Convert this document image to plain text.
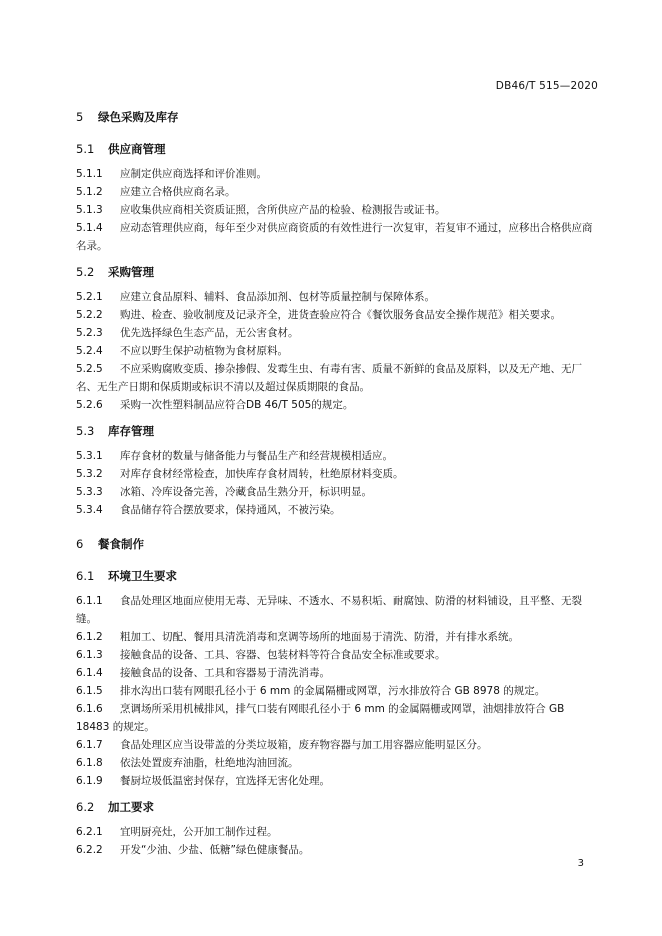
DB46/T 515—2020
5 绿色采购及库存
5.1 供应商管理
5.1.1 应制定供应商选择和评价准则。
5.1.2 应建立合格供应商名录。
5.1.3 应收集供应商相关资质证照，含所供应产品的检验、检测报告或证书。
5.1.4 应动态管理供应商，每年至少对供应商资质的有效性进行一次复审，若复审不通过，应移出合格供应商名录。
5.2 采购管理
5.2.1 应建立食品原料、辅料、食品添加剂、包材等质量控制与保障体系。
5.2.2 购进、检查、验收制度及记录齐全，进货查验应符合《餐饮服务食品安全操作规范》相关要求。
5.2.3 优先选择绿色生态产品，无公害食材。
5.2.4 不应以野生保护动植物为食材原料。
5.2.5 不应采购腐败变质、掺杂掺假、发霉生虫、有毒有害、质量不新鲜的食品及原料，以及无产地、无厂名、无生产日期和保质期或标识不清以及超过保质期限的食品。
5.2.6 采购一次性塑料制品应符合DB 46/T 505的规定。
5.3 库存管理
5.3.1 库存食材的数量与储备能力与餐品生产和经营规模相适应。
5.3.2 对库存食材经常检查，加快库存食材周转，杜绝原材料变质。
5.3.3 冰箱、冷库设备完善，冷藏食品生熟分开，标识明显。
5.3.4 食品储存符合摆放要求，保持通风，不被污染。
6 餐食制作
6.1 环境卫生要求
6.1.1 食品处理区地面应使用无毒、无异味、不透水、不易积垢、耐腐蚀、防滑的材料铺设，且平整、无裂缝。
6.1.2 粗加工、切配、餐用具清洗消毒和烹调等场所的地面易于清洗、防滑，并有排水系统。
6.1.3 接触食品的设备、工具、容器、包装材料等符合食品安全标准或要求。
6.1.4 接触食品的设备、工具和容器易于清洗消毒。
6.1.5 排水沟出口装有网眼孔径小于 6 mm 的金属隔栅或网罩，污水排放符合 GB 8978 的规定。
6.1.6 烹调场所采用机械排风，排气口装有网眼孔径小于 6 mm 的金属隔栅或网罩，油烟排放符合 GB 18483 的规定。
6.1.7 食品处理区应当设带盖的分类垃圾箱，废弃物容器与加工用容器应能明显区分。
6.1.8 依法处置废弃油脂，杜绝地沟油回流。
6.1.9 餐厨垃圾低温密封保存，宜选择无害化处理。
6.2 加工要求
6.2.1 宜明厨亮灶，公开加工制作过程。
6.2.2 开发“少油、少盐、低糖”绿色健康餐品。
3
